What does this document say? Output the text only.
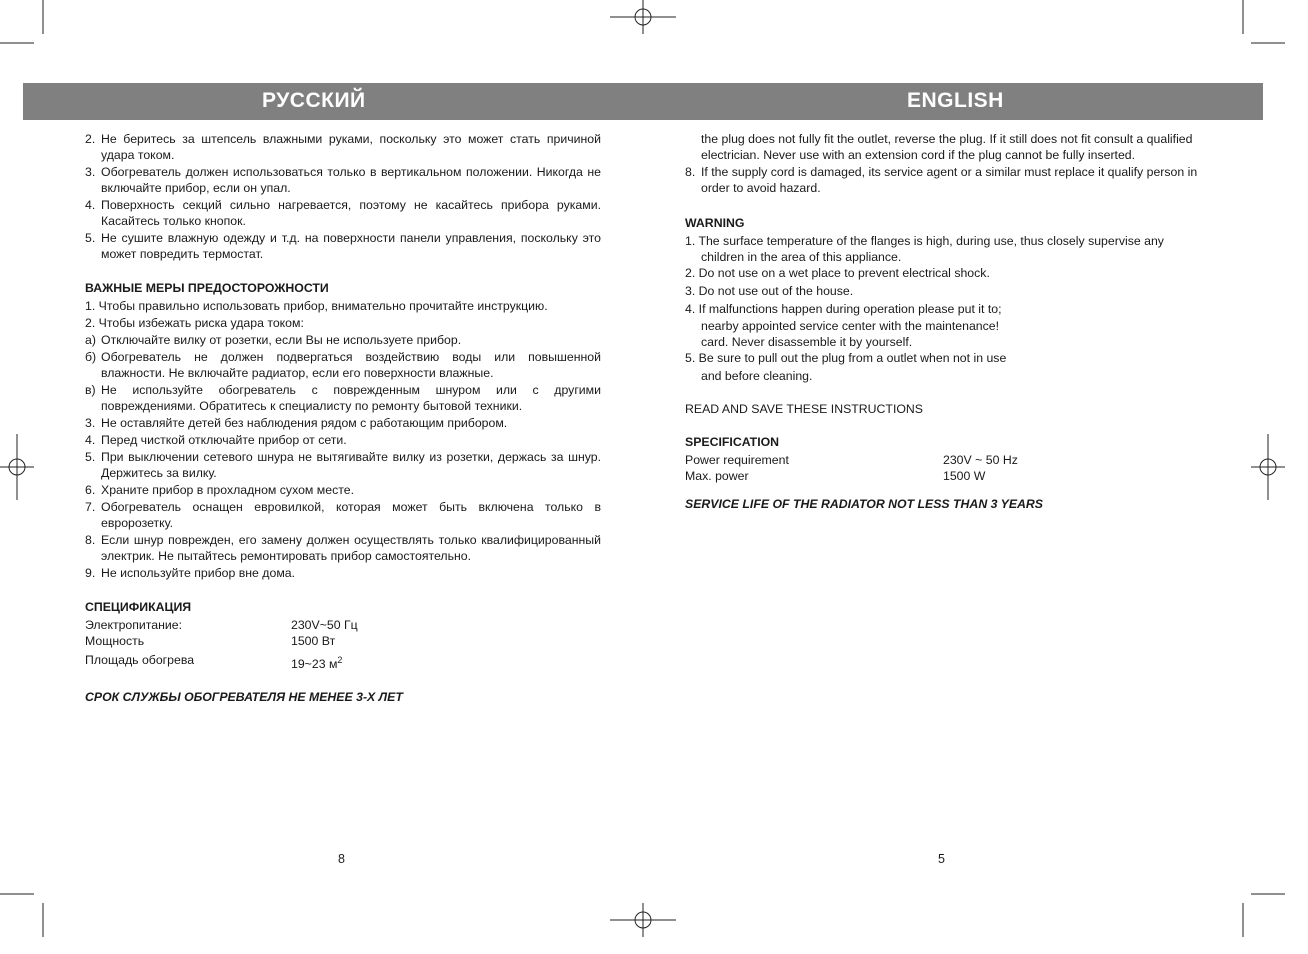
РУССКИЙ	ENGLISH
2. Не беритесь за штепсель влажными руками, поскольку это может стать причиной удара током.
3. Обогреватель должен использоваться только в вертикальном положении. Никогда не включайте прибор, если он упал.
4. Поверхность секций сильно нагревается, поэтому не касайтесь прибора руками. Касайтесь только кнопок.
5. Не сушите влажную одежду и т.д. на поверхности панели управления, поскольку это может повредить термостат.
ВАЖНЫЕ МЕРЫ ПРЕДОСТОРОЖНОСТИ
1. Чтобы правильно использовать прибор, внимательно прочитайте инструкцию.
2. Чтобы избежать риска удара током:
а) Отключайте вилку от розетки, если Вы не используете прибор.
б) Обогреватель не должен подвергаться воздействию воды или повышенной влажности. Не включайте радиатор, если его поверхности влажные.
в) Не используйте обогреватель с поврежденным шнуром или с другими повреждениями. Обратитесь к специалисту по ремонту бытовой техники.
3. Не оставляйте детей без наблюдения рядом с работающим прибором.
4. Перед чисткой отключайте прибор от сети.
5. При выключении сетевого шнура не вытягивайте вилку из розетки, держась за шнур. Держитесь за вилку.
6. Храните прибор в прохладном сухом месте.
7. Обогреватель оснащен евровилкой, которая может быть включена только в евророзетку.
8. Если шнур поврежден, его замену должен осуществлять только квалифицированный электрик. Не пытайтесь ремонтировать прибор самостоятельно.
9. Не используйте прибор вне дома.
СПЕЦИФИКАЦИЯ
Электропитание:	230V~50 Гц
Мощность	1500 Вт
Площадь обогрева	19~23 $м^2$
СРОК СЛУЖБЫ ОБОГРЕВАТЕЛЯ НЕ МЕНЕЕ 3-Х ЛЕТ

the plug does not fully fit the outlet, reverse the plug. If it still does not fit consult a qualified electrician. Never use with an extension cord if the plug cannot be fully inserted.

8. If the supply cord is damaged, its service agent or a similar must replace it qualify person in order to avoid hazard.
WARNING

1. The surface temperature of the flanges is high, during use, thus closely supervise any

children in the area of this appliance.

2. Do not use on a wet place to prevent electrical shock.

3. Do not use out of the house.

4. If malfunctions happen during operation please put it to;

nearby appointed service center with the maintenance!

card. Never disassemble it by yourself.

5. Be sure to pull out the plug from a outlet when not in use

and before cleaning.

READ AND SAVE THESE INSTRUCTIONS

SPECIFICATION
Power requirement	230V ~ 50 Hz
Max. power	1500 W
SERVICE LIFE OF THE RADIATOR NOT LESS THAN 3 YEARS
8	5
